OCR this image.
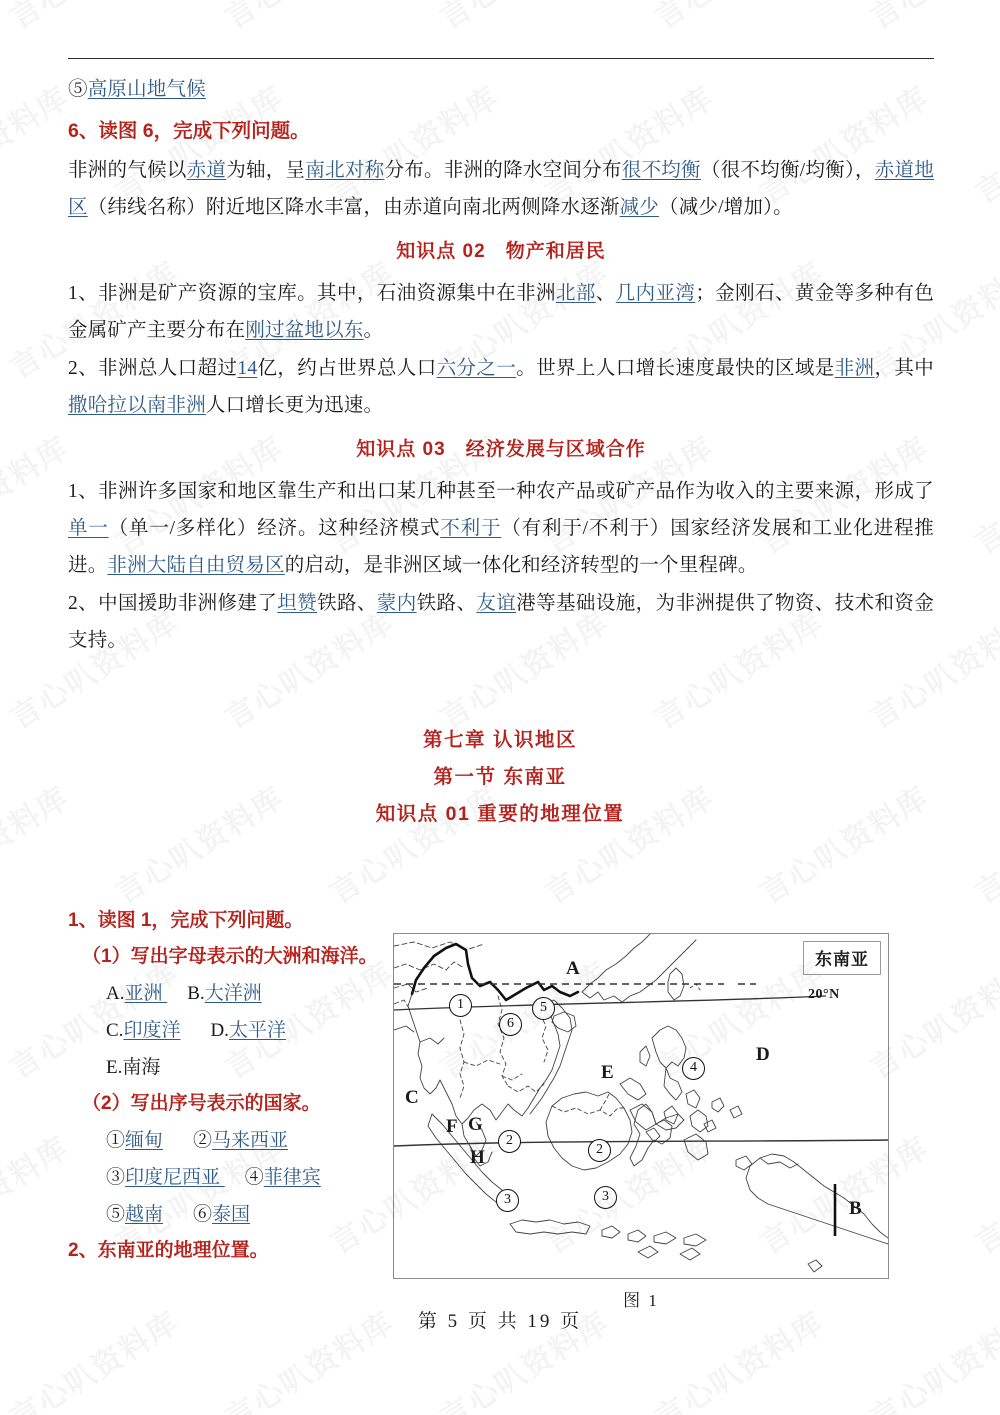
⑤高原山地气候

6、读图 6，完成下列问题。

非洲的气候以赤道为轴，呈南北对称分布。非洲的降水空间分布很不均衡（很不均衡/均衡），赤道地区（纬线名称）附近地区降水丰富，由赤道向南北两侧降水逐渐减少（减少/增加）。

知识点 02　物产和居民

1、非洲是矿产资源的宝库。其中，石油资源集中在非洲北部、几内亚湾；金刚石、黄金等多种有色金属矿产主要分布在刚过盆地以东。

2、非洲总人口超过14亿，约占世界总人口六分之一。世界上人口增长速度最快的区域是非洲，其中撒哈拉以南非洲人口增长更为迅速。

知识点 03　经济发展与区域合作

1、非洲许多国家和地区靠生产和出口某几种甚至一种农产品或矿产品作为收入的主要来源，形成了单一（单一/多样化）经济。这种经济模式不利于（有利于/不利于）国家经济发展和工业化进程推进。非洲大陆自由贸易区的启动，是非洲区域一体化和经济转型的一个里程碑。

2、中国援助非洲修建了坦赞铁路、蒙内铁路、友谊港等基础设施，为非洲提供了物资、技术和资金支持。

第七章 认识地区
第一节 东南亚
知识点 01 重要的地理位置

1、读图 1，完成下列问题。

（1）写出字母表示的大洲和海洋。

A.亚洲 B.大洋洲

C.印度洋 D.太平洋

E.南海

（2）写出序号表示的国家。

①缅甸 ②马来西亚

③印度尼西亚 ④菲律宾

⑤越南 ⑥泰国

2、东南亚的地理位置。

20°N
东南亚
A
B
C
D
E
F G
H
1	5
6
4
2
2
3	3
图 1
第 5 页 共 19 页
